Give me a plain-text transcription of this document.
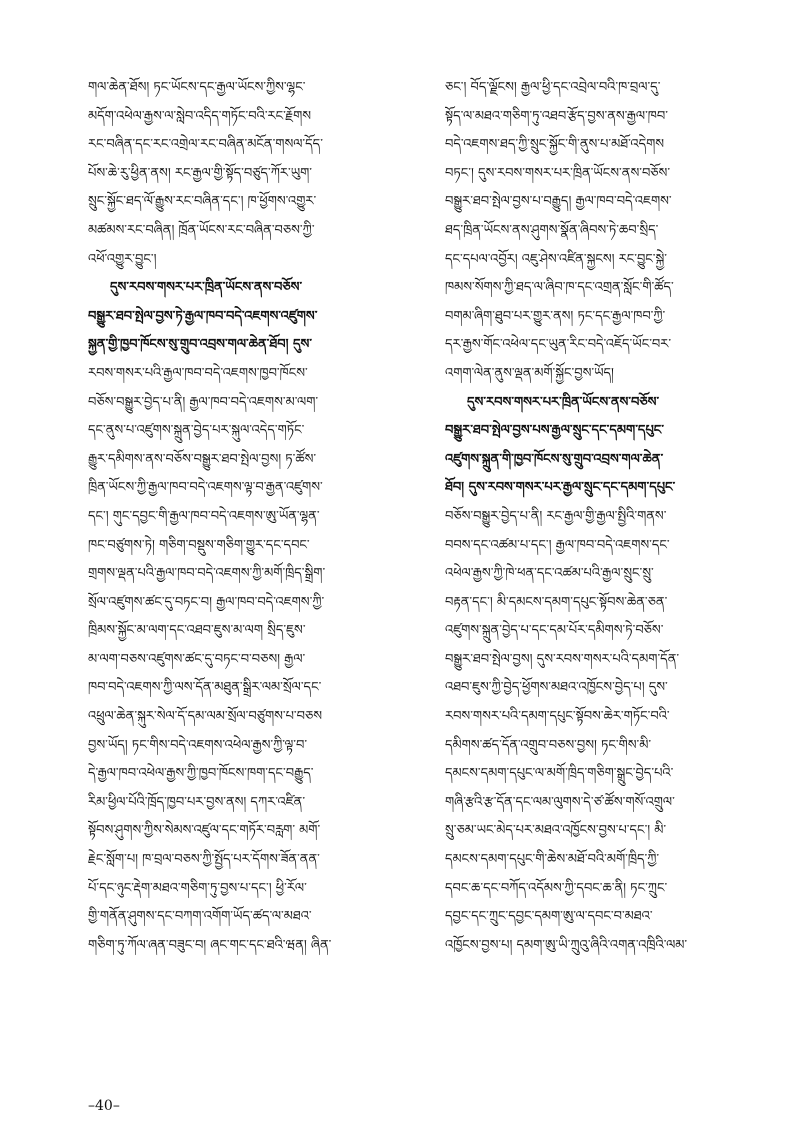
གལ་ཆེན་ཐོས། ཏང་ཡོངས་དང་རྒྱལ་ཡོངས་ཀྱིས་ལྷང་
མདོག་འཕེལ་རྒྱས་ལ་སླེབ་འདིད་གཏོང་བའི་རང་རྗོགས
རང་བཞིན་དང་རང་འགྲེལ་རང་བཞིན་མངོན་གསལ་དོད་
པོས་ཆེ་རུ་ཕྱིན་ནས། རང་རྒྱལ་གྱི་སྟོད་བཙུད་ཀོར་ཡུག་
སྲུང་སྐྱོང་ཐད་ལོ་རྒྱུས་རང་བཞིན་དང་། ཁ་ཕྱོགས་འགྱུར་
མཚམས་རང་བཞིན། ཁྲོན་ཡོངས་རང་བཞིན་བཅས་ཀྱི་
འཕོ་འགྱུར་བྱུང་།
དུས་རབས་གསར་པར་ཁྲིན་ཡོངས་ནས་བཅོས་
བསྒྱུར་ཐབ་སྤེལ་བྱས་ཏེ་རྒྱལ་ཁབ་བདེ་འཇགས་འཛུགས་
སྐྱན་གྱི་ཁྱབ་ཁོངས་སུ་གྲུབ་འབྲས་གལ་ཆེན་ཐོབ། དུས་
རབས་གསར་པའི་རྒྱལ་ཁབ་བདེ་འཇགས་ཁྱབ་ཁོངས་
བཅོས་བསྒྱུར་བྱེད་པ་ནི། རྒྱལ་ཁབ་བདེ་འཇགས་མ་ལག་
དང་ནུས་པ་འཛུགས་སྐྲུན་བྱེད་པར་སྐུལ་འདེད་གཏོང་
རྒྱུར་དམིགས་ནས་བཅོས་བསྒྱུར་ཐབ་སྤེལ་བྱས། ཏ་ཚོས་
ཁྲིན་ཡོངས་ཀྱི་རྒྱལ་ཁབ་བདེ་འཇགས་ལྟ་བ་རྒྱན་འཛུགས་
དང་། གུང་དབྱང་གི་རྒྱལ་ཁབ་བདེ་འཇགས་ཨུ་ཡོན་ལྷན་
ཁང་བཙུགས་ཏེ། གཅིག་བསྡུས་གཅིག་གྱུར་དང་དབང་
གྲགས་ལྡན་པའི་རྒྱལ་ཁབ་བདེ་འཇགས་ཀྱི་མགོ་ཁྲིད་སྒྲིག་
སྲོལ་འཛུགས་ཚང་དུ་བཏང་བ། རྒྱལ་ཁབ་བདེ་འཇགས་ཀྱི་
ཁྲིམས་སྐྱོང་མ་ལག་དང་འཐབ་ཇུས་མ་ལག སྲིད་ཇུས་
མ་ལག་བཅས་འཛུགས་ཚང་དུ་བཏང་བ་བཅས། རྒྱལ་
ཁབ་བདེ་འཇགས་ཀྱི་ལས་དོན་མཐུན་སྒྲིར་ལམ་སྲོལ་དང་
འཕྲུལ་ཆེན་སྐུར་སེལ་དོ་དམ་ལམ་སྲོལ་བཙུགས་པ་བཅས
བྱས་ཡོད། ཏང་གིས་བདེ་འཇགས་འཕེལ་རྒྱས་ཀྱི་ལྟ་བ་
དེ་རྒྱལ་ཁབ་འཕེལ་རྒྱས་ཀྱི་ཁྱབ་ཁོངས་ཁག་དང་བརྒྱུད་
རིམ་ཕྱིལ་པོའི་ཁྲོད་ཁྱབ་པར་བྱས་ནས། དཀར་འཛིན་
སྟོབས་ཤུགས་ཀྱིས་སེམས་འཛུལ་དང་གཏོར་བརླག་ མགོ་
རྗེང་སློག་པ། ཁ་བྲལ་བཅས་ཀྱི་སྤྱོད་པར་དོགས་ཟོན་ནན་
པོ་དང་ཉུང་རྡེག་མཐའ་གཅིག་ཏུ་བྱས་པ་དང་། ཕྱི་རོལ་
གྱི་གནོན་ཤུགས་དང་བཀག་འགོག་ཡོད་ཚད་ལ་མཐའ་
གཅིག་ཏུ་ཀོལ་ཞན་བཟུང་བ། ཞང་གང་དང་ཐའི་ཝན། ཞིན་
ཅང་། བོད་ལྗོངས། རྒྱལ་ཕྱི་དང་འབྲེལ་བའི་ཁ་བྲལ་དུ་
སྟོད་ལ་མཐའ་གཅིག་ཏུ་འཐབ་རྩོད་བྱས་ནས་རྒྱལ་ཁབ་
བདེ་འཇགས་ཐད་ཀྱི་སྲུང་སྐྱོང་གི་ནུས་པ་མཐོ་འདེགས
བཏང་། དུས་རབས་གསར་པར་ཁྲིན་ཡོངས་ནས་བཅོས་
བསྒྱུར་ཐབ་སྤེལ་བྱས་པ་བརྒྱུད། རྒྱལ་ཁབ་བདེ་འཇགས་
ཐད་ཁྲིན་ཡོངས་ནས་ཤུགས་སྣོན་ཞིབས་ཏེ་ཆབ་སྲིད་
དང་དཔལ་འབྱོར། འཇུ་ཤེས་འཛིན་སྐྱངས། རང་བྱུང་སྐྱེ་
ཁམས་སོགས་ཀྱི་ཐད་ལ་ཞིབ་ཁ་དང་འགྲན་སློང་གི་ཚོད་
བགམ་ཞིག་ཐུབ་པར་གྱུར་ནས། ཏང་དང་རྒྱལ་ཁབ་ཀྱི་
དར་རྒྱས་གོང་འཕེལ་དང་ཡུན་རིང་བདེ་འཇོད་ཡོང་བར་
འགག་ལེན་ནུས་ལྡན་མགོ་སྐྱོང་བྱས་ཡོད།
དུས་རབས་གསར་པར་ཁྲིན་ཡོངས་ནས་བཅོས་
བསྒྱུར་ཐབ་སྤེལ་བྱས་པས་རྒྱལ་སྲུང་དང་དམག་དཔུང་
འཛུགས་སྐྲུན་གི་ཁྱབ་ཁོངས་སུ་གྲུབ་འབྲས་གལ་ཆེན་
ཐོབ། དུས་རབས་གསར་པར་རྒྱལ་སྲུང་དང་དམག་དཔུང་
བཅོས་བསྒྱུར་བྱེད་པ་ནི། རང་རྒྱལ་གྱི་རྒྱལ་སྤྱིའི་གནས་
བབས་དང་འཚམ་པ་དང་། རྒྱལ་ཁབ་བདེ་འཇགས་དང་
འཕེལ་རྒྱས་ཀྱི་ཁེ་ཕན་དང་འཚམ་པའི་རྒྱལ་སྲུང་སྲུ་
བརྟན་དང་། མི་དམངས་དམག་དཔུང་སྟོབས་ཆེན་ཅན་
འཛུགས་སྐྲུན་བྱེད་པ་དང་དམ་པོར་དམིགས་ཏེ་བཅོས་
བསྒྱུར་ཐབ་སྤེལ་བྱས། དུས་རབས་གསར་པའི་དམག་དོན་
འཐབ་ཇུས་ཀྱི་བྱེད་ཕྱོགས་མཐའ་འཁྱོངས་བྱེད་པ། དུས་
རབས་གསར་པའི་དམག་དཔུང་སྟོབས་ཆེར་གཏོང་བའི་
དམིགས་ཚད་དོན་འགྲུབ་བཅས་བྱས། ཏང་གིས་མི་
དམངས་དམག་དཔུང་ལ་མགོ་ཁྲིད་གཅིག་སྒྲུང་བྱེད་པའི་
གཞི་རྩའི་རྩ་དོན་དང་ལམ་ལུགས་དེ་ཙ་ཚོས་གསོ་འགྲུལ་
སྲུ་ཅམ་ཡང་མེད་པར་མཐའ་འཁྱོངས་བྱས་པ་དང་། མི་
དམངས་དམག་དཔུང་གི་ཆེས་མཐོ་བའི་མགོ་ཁྲིད་ཀྱི་
དབང་ཆ་དང་བཀོད་འདོམས་ཀྱི་དབང་ཆ་ནི། ཏང་ཀྲུང་
དབྱང་དང་ཀྲུང་དབྱང་དམག་ཨུ་ལ་དབང་བ་མཐའ་
འཁྱོངས་བྱས་པ། དམག་ཨུ་ཡི་ཀྲུའུ་ཞིའི་འགན་འཁྲིའི་ལམ་
–40–
